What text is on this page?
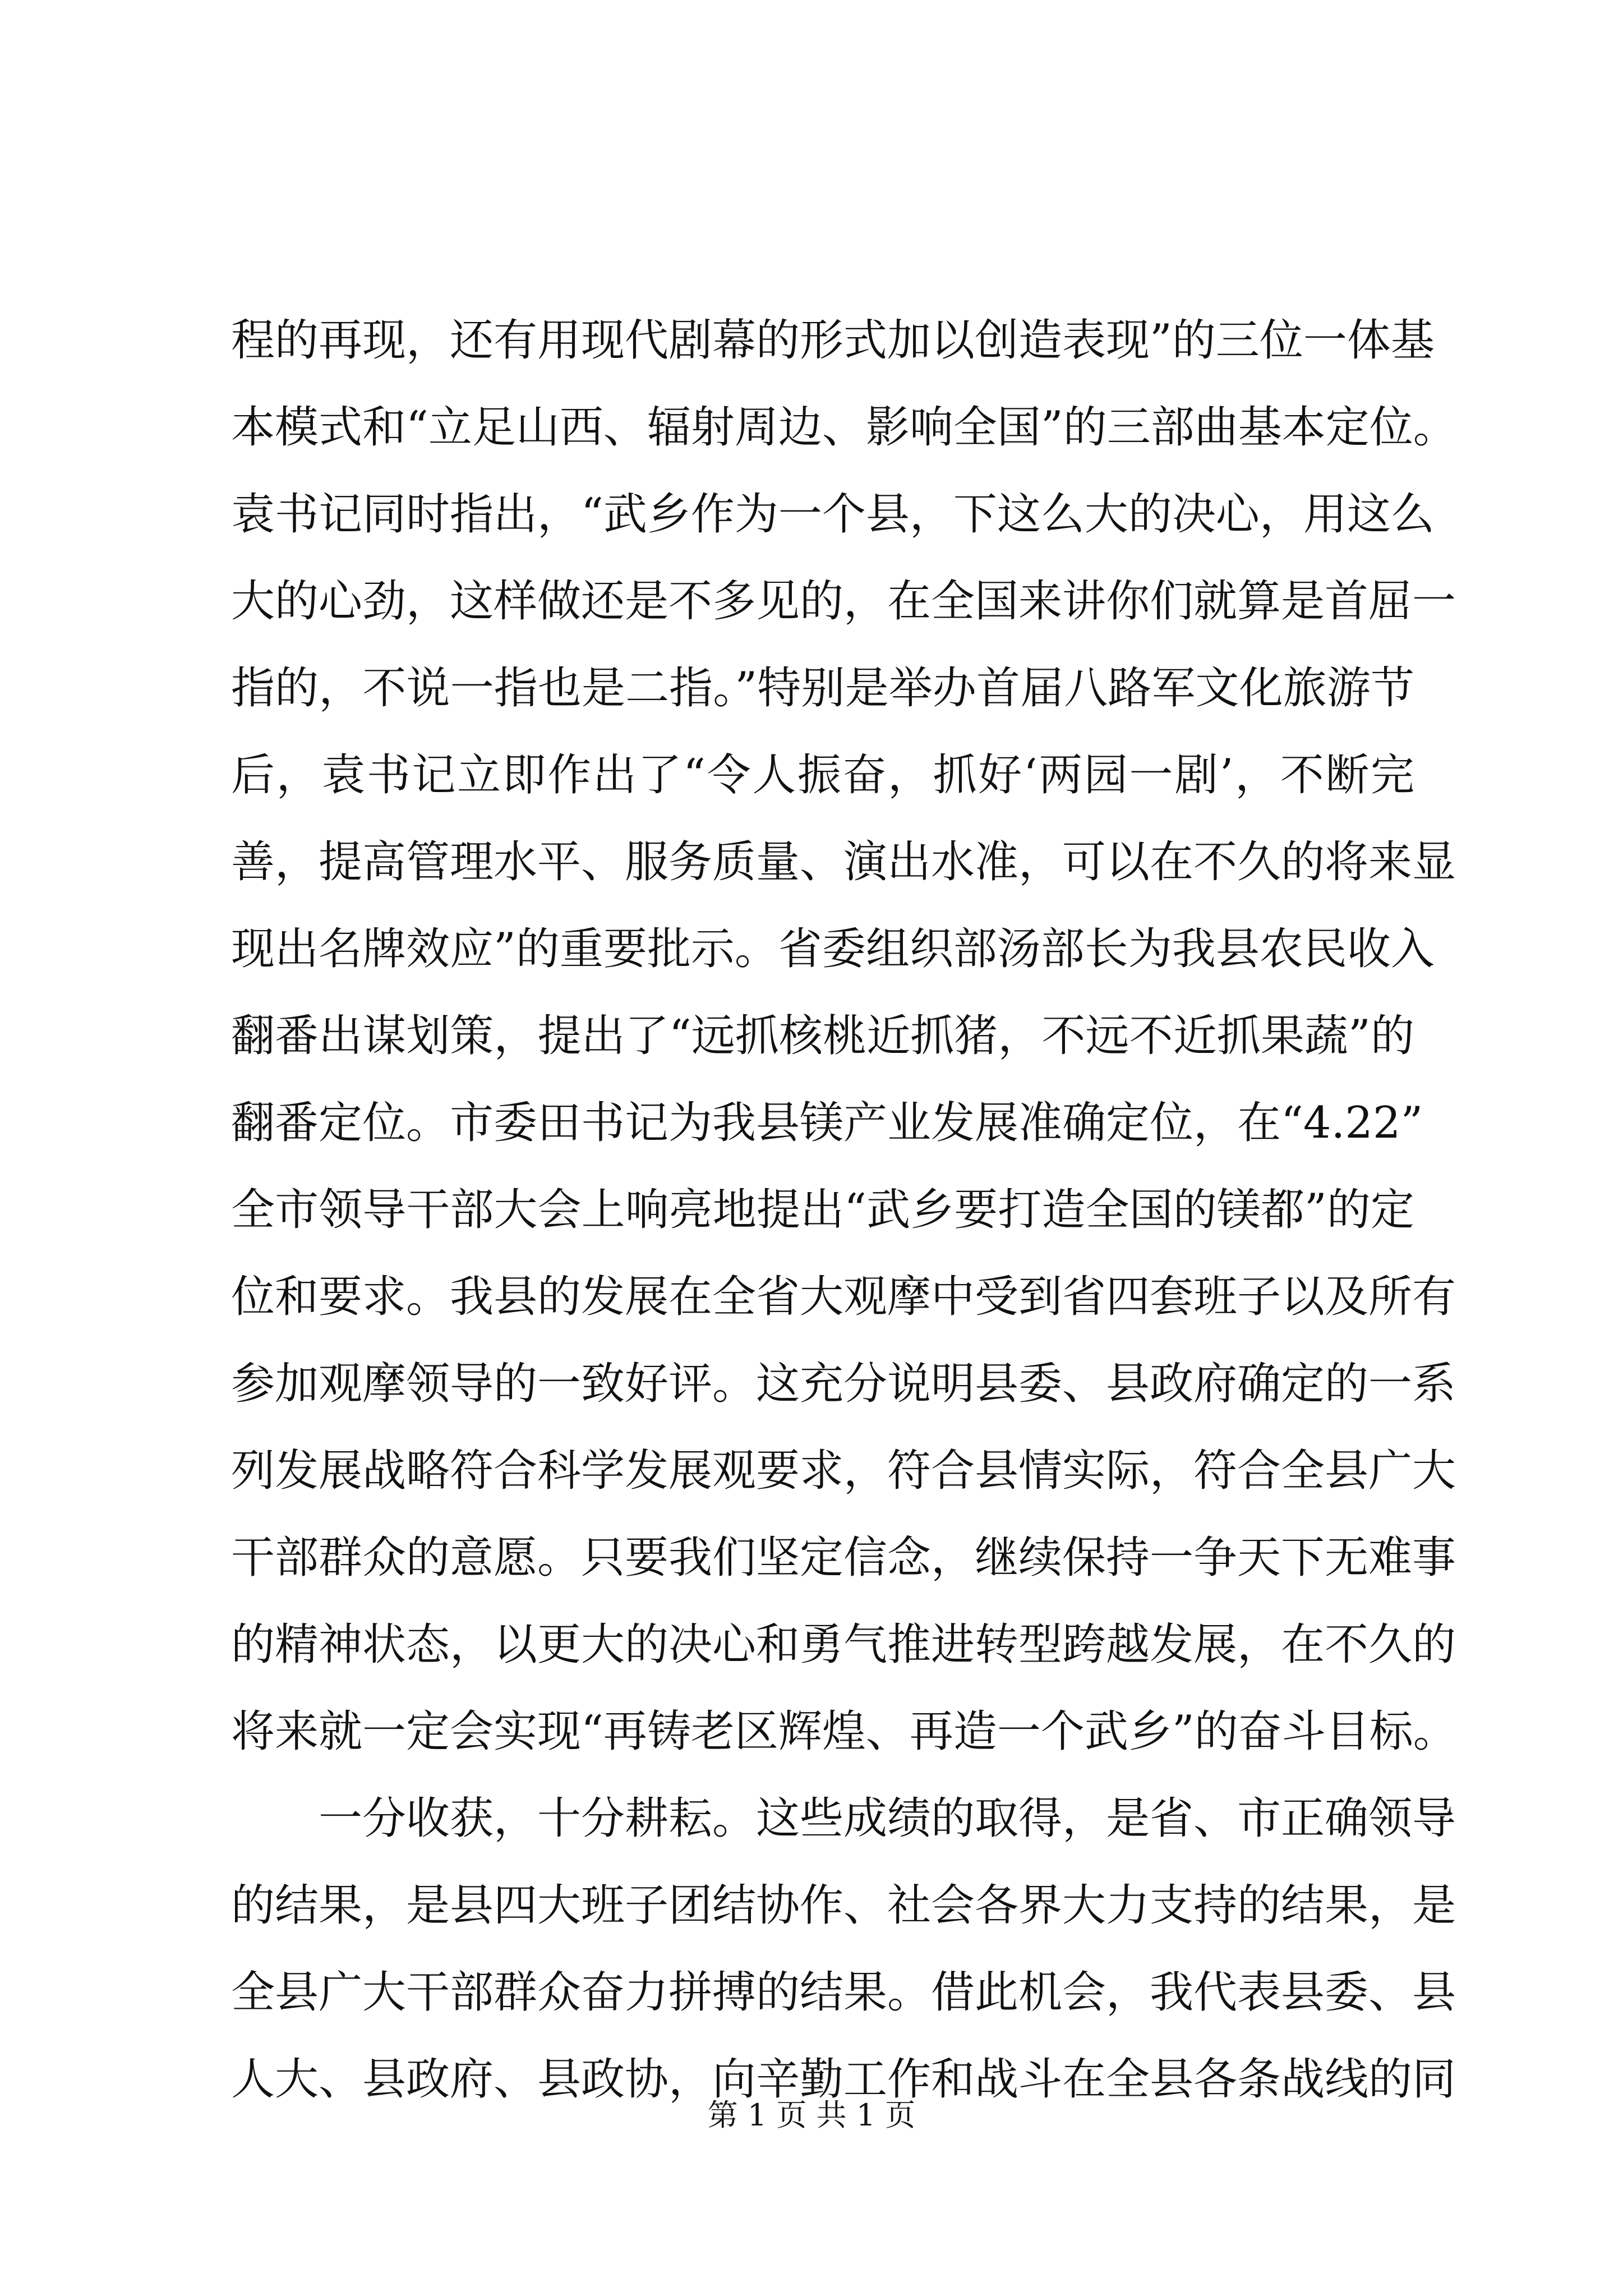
程的再现，还有用现代剧幕的形式加以创造表现”的三位一体基
本模式和“立足山西、辐射周边、影响全国”的三部曲基本定位。
袁书记同时指出，“武乡作为一个县，下这么大的决心，用这么
大的心劲，这样做还是不多见的，在全国来讲你们就算是首屈一
指的，不说一指也是二指。”特别是举办首届八路军文化旅游节
后，袁书记立即作出了“令人振奋，抓好‘两园一剧’，不断完
善，提高管理水平、服务质量、演出水准，可以在不久的将来显
现出名牌效应”的重要批示。省委组织部汤部长为我县农民收入
翻番出谋划策，提出了“远抓核桃近抓猪，不远不近抓果蔬”的
翻番定位。市委田书记为我县镁产业发展准确定位，在“4.22”
全市领导干部大会上响亮地提出“武乡要打造全国的镁都”的定
位和要求。我县的发展在全省大观摩中受到省四套班子以及所有
参加观摩领导的一致好评。这充分说明县委、县政府确定的一系
列发展战略符合科学发展观要求，符合县情实际，符合全县广大
干部群众的意愿。只要我们坚定信念，继续保持一争天下无难事
的精神状态，以更大的决心和勇气推进转型跨越发展，在不久的
将来就一定会实现“再铸老区辉煌、再造一个武乡”的奋斗目标。
　　一分收获，十分耕耘。这些成绩的取得，是省、市正确领导
的结果，是县四大班子团结协作、社会各界大力支持的结果，是
全县广大干部群众奋力拼搏的结果。借此机会，我代表县委、县
人大、县政府、县政协，向辛勤工作和战斗在全县各条战线的同
第 1 页 共 1 页
